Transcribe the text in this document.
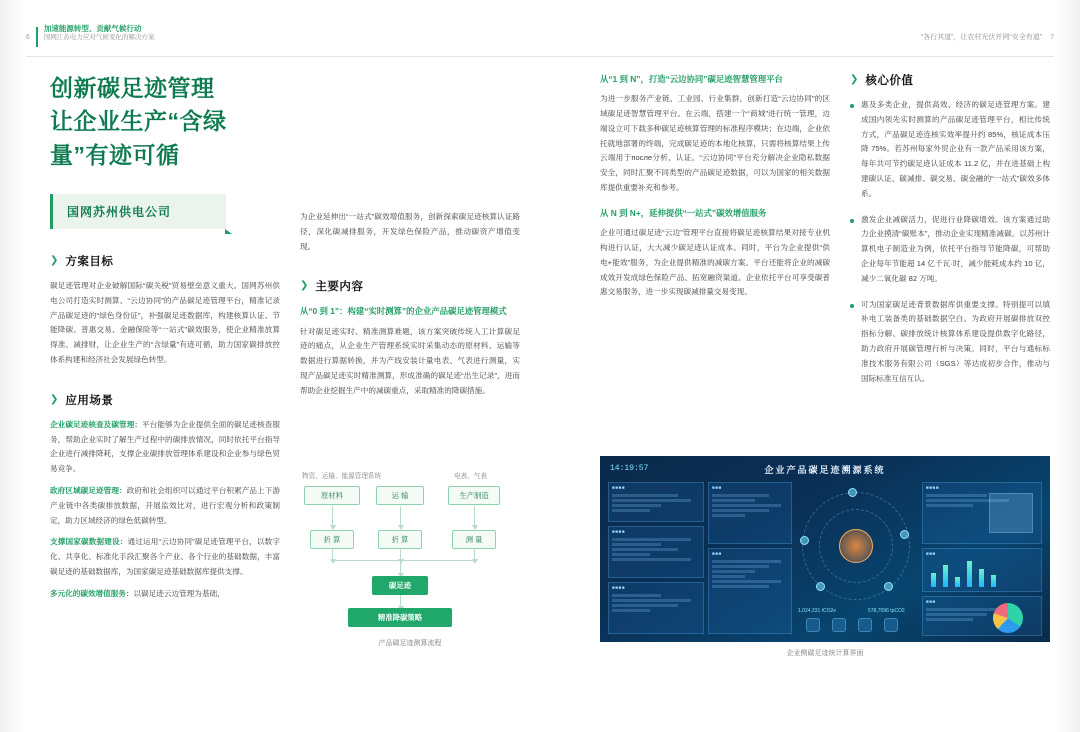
6
加速能源转型、贡献气候行动
国网江苏电力应对气候变化的解决方案	“各行其道”，让农村光伏并网“安全有道” 7
创新碳足迹管理
让企业生产“含绿量”有迹可循
国网苏州供电公司
❯ 方案目标

碳足迹管理对企业破解国际“碳关税”贸易壁垒意义重大。国网苏州供电公司打造实时测算、“云边协同”的产品碳足迹管理平台，精准记录产品碳足迹的“绿色身份证”，补强碳足迹数据库，构建核算认证、节能降碳、普惠交易、金融保险等“一站式”碳效服务，使企业精准放算得准、减排财，让企业生产的“含绿量”有迹可循，助力国家碳排放控体系构建和经济社会发展绿色转型。

❯ 应用场景

企业碳足迹核查及碳管理：平台能够为企业提供全面的碳足迹核查服务，帮助企业实时了解生产过程中的碳排放情况，同时依托平台指导企业进行减排降耗，支撑企业碳排放管理体系建设和企业参与绿色贸易竞争。

政府区域碳足迹管理：政府和社会组织可以通过平台积累产品上下游产业链中各类碳排放数据，开展监效比对，进行宏观分析和政策制定，助力区域经济的绿色低碳转型。

支撑国家碳数据建设：通过运用“云边协同”碳足迹管理平台，以数字化、共享化、标准化手段汇聚各个产业、各个行业的基础数据，丰富碳足迹的基础数据库，为国家碳足迹基础数据库提供支撑。

多元化的碳效增值服务：以碳足迹云边管理为基础，

为企业延伸出“一站式”碳效增值服务，创新探索碳足迹核算认证路径，深化碳减排服务，开发绿色保险产品，推动碳资产增值变现。

❯ 主要内容
从“0 到 1”：构建“实时测算”的企业产品碳足迹管理模式

针对碳足迹实时、精准测算难题，该方案突破传统人工计算碳足迹的痛点，从企业生产管理系统实时采集动态的原材料、运输等数据进行算据转换，并为产线安装计量电表、气表进行测量，实现产品碳足迹实时精准测算，形成准确的碳足迹“出生记录”，进而帮助企业挖掘生产中的减碳重点，采取精准的降碳措施。

物资、运输、能源管理系统	电表、气表
原材料	运 输	生产制造
折 算	折 算	测 量
碳足迹
精准降碳策略
产品碳足迹测算流程
从“1 到 N”，打造“云边协同”碳足迹智慧管理平台

为进一步服务产业链、工业园、行业集群，创新打造“云边协同”的区域碳足迹智慧管理平台。在云端，搭建一个“商城”进行统一管理，边端设立可下载多种碳足迹核算管理的标准程序模块；在边端，企业依托就地部署的终端，完成碳足迹的本地化核算，只需将核算结果上传云端用于после分析、认证。“云边协同”平台充分解决企业隐私数据安全，同时汇聚不同类型的产品碳足迹数据，可以为国家的相关数据库提供重要补充和参考。

从 N 到 N+，延伸提供“一站式”碳效增值服务

企业可通过碳足迹“云边”管理平台直接将碳足迹核算结果对接专业机构进行认证，大大减少碳足迹认证成本。同时，平台为企业提供“供电+能效”服务，为企业提供精准的减碳方案。平台还能将企业的减碳成效开发成绿色保险产品、拓宽融资渠道。企业依托平台可享受碳普惠交易服务，进一步实现碳减排量交易变现。

❯ 核心价值
惠及多类企业，提供高效、经济的碳足迹管理方案。建成国内领先实时测算的产品碳足迹管理平台，相比传统方式，产品碳足迹连核实效率提升约 85%，核证成本压降 75%。若苏州每家外贸企业有一款产品采用该方案，每年共可节约碳足迹认证成本 11.2 亿，并在进基础上构建碳认证、碳减排、碳交易、碳金融的“一站式”碳效多体系。
激发企业减碳活力，促进行业降碳增效。该方案通过助力企业摸清“碳账本”，推动企业实现精准减碳。以苏州计算机电子制造业为例，依托平台指导节能降碳，可帮助企业每年节能超 14 亿千瓦·时，减少能耗成本约 10 亿，减少二氧化碳 82 万吨。
可为国家碳足迹背景数据库供重要支撑。特别提可以填补电工装备类的基础数据空白。为政府开展碳排放双控指标分解、碳排放统计核算体系建设提供数字化路径，助力政府开展碳管理行析与决策。同时，平台与通标标准技术服务有限公司（SGS）等达成初步合作，推动与国际标准互信互认。
14:19:57	企业产品碳足迹溯源系统
■■■■
■■■■
■■■■
■■■
■■■
1,024,331 tCO2e	578,7096 tpCO2
■■■■
■■■
■■■
企业侧碳足迹统计算界面
